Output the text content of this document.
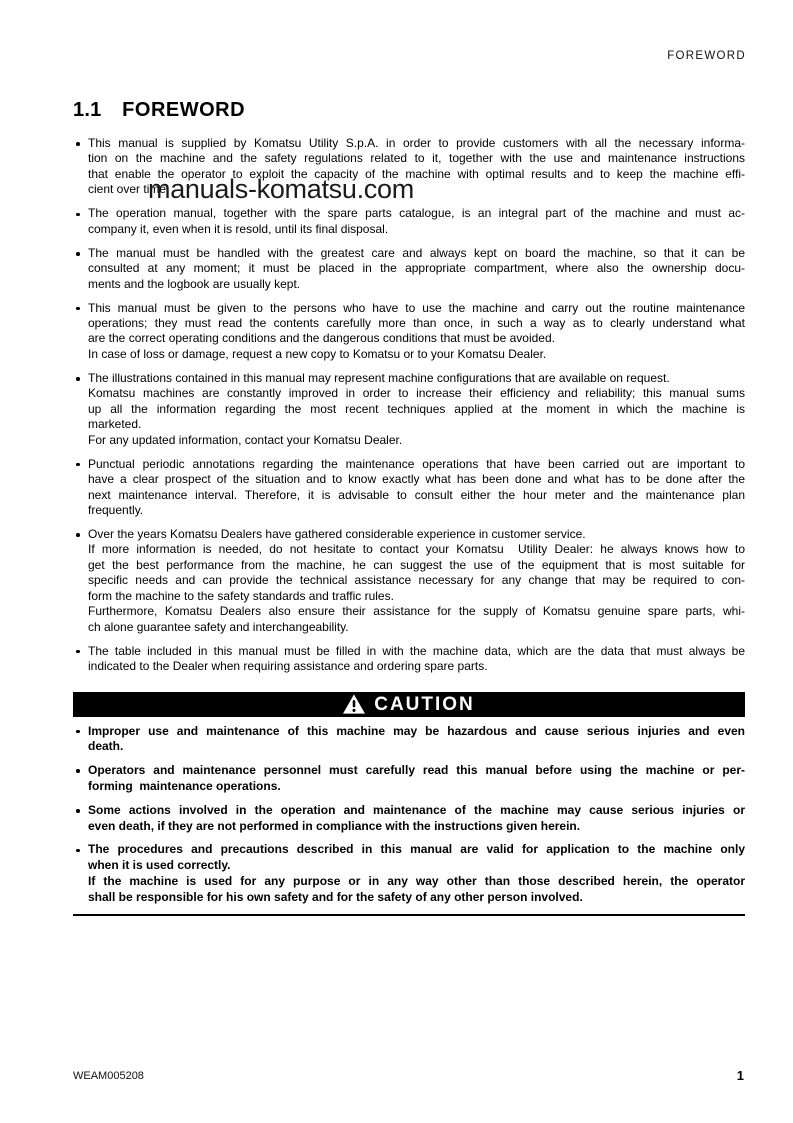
FOREWORD
manuals-komatsu.com
1.1 FOREWORD
This manual is supplied by Komatsu Utility S.p.A. in order to provide customers with all the necessary informa-
tion on the machine and the safety regulations related to it, together with the use and maintenance instructions
that enable the operator to exploit the capacity of the machine with optimal results and to keep the machine effi-
cient over time.
The operation manual, together with the spare parts catalogue, is an integral part of the machine and must ac-
company it, even when it is resold, until its final disposal.
The manual must be handled with the greatest care and always kept on board the machine, so that it can be
consulted at any moment; it must be placed in the appropriate compartment, where also the ownership docu-
ments and the logbook are usually kept.
This manual must be given to the persons who have to use the machine and carry out the routine maintenance
operations; they must read the contents carefully more than once, in such a way as to clearly understand what
are the correct operating conditions and the dangerous conditions that must be avoided.
In case of loss or damage, request a new copy to Komatsu or to your Komatsu Dealer.
The illustrations contained in this manual may represent machine configurations that are available on request.
Komatsu machines are constantly improved in order to increase their efficiency and reliability; this manual sums
up all the information regarding the most recent techniques applied at the moment in which the machine is
marketed.
For any updated information, contact your Komatsu Dealer.
Punctual periodic annotations regarding the maintenance operations that have been carried out are important to
have a clear prospect of the situation and to know exactly what has been done and what has to be done after the
next maintenance interval. Therefore, it is advisable to consult either the hour meter and the maintenance plan
frequently.
Over the years Komatsu Dealers have gathered considerable experience in customer service.
If more information is needed, do not hesitate to contact your Komatsu  Utility Dealer: he always knows how to
get the best performance from the machine, he can suggest the use of the equipment that is most suitable for
specific needs and can provide the technical assistance necessary for any change that may be required to con-
form the machine to the safety standards and traffic rules.
Furthermore, Komatsu Dealers also ensure their assistance for the supply of Komatsu genuine spare parts, whi-
ch alone guarantee safety and interchangeability.
The table included in this manual must be filled in with the machine data, which are the data that must always be
indicated to the Dealer when requiring assistance and ordering spare parts.
CAUTION
Improper use and maintenance of this machine may be hazardous and cause serious injuries and even
death.
Operators and maintenance personnel must carefully read this manual before using the machine or per-
forming  maintenance operations.
Some actions involved in the operation and maintenance of the machine may cause serious injuries or
even death, if they are not performed in compliance with the instructions given herein.
The procedures and precautions described in this manual are valid for application to the machine only
when it is used correctly.
If the machine is used for any purpose or in any way other than those described herein, the operator
shall be responsible for his own safety and for the safety of any other person involved.
WEAM005208	1
